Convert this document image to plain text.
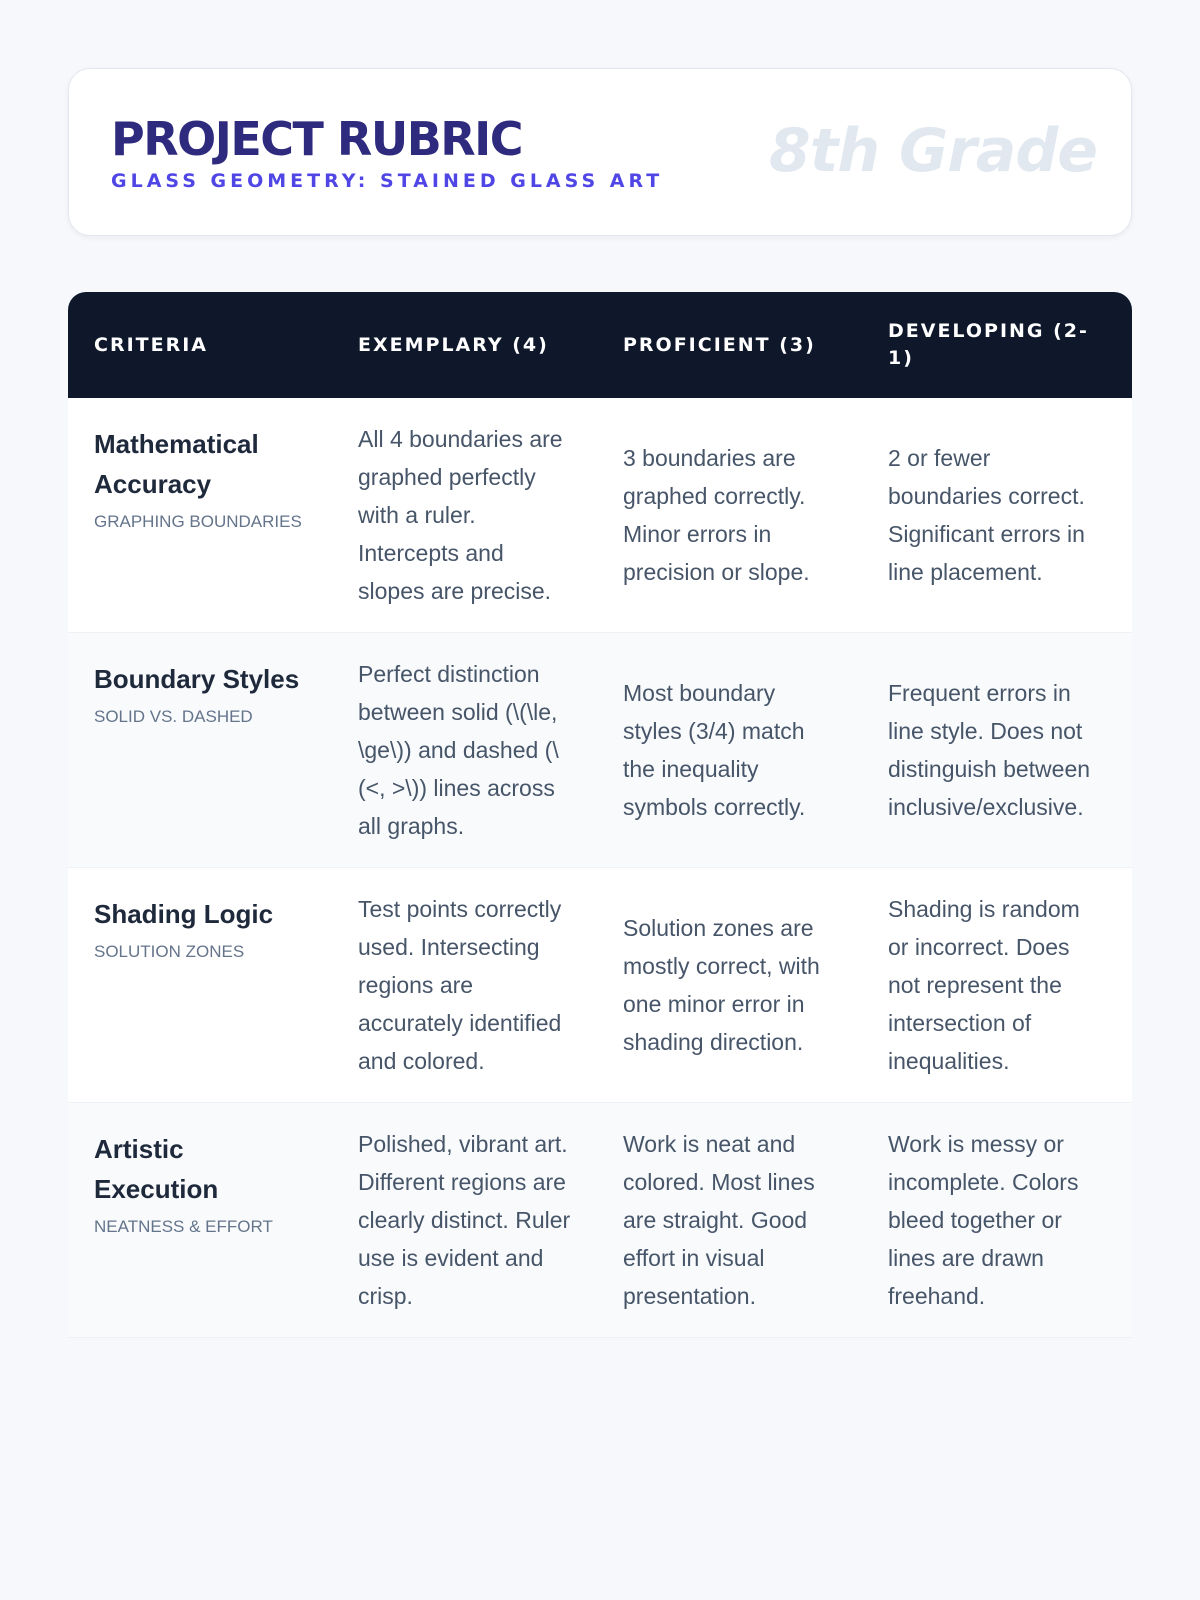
PROJECT RUBRIC
GLASS GEOMETRY: STAINED GLASS ART 8th Grade
CRITERIA	EXEMPLARY (4)	PROFICIENT (3)	DEVELOPING (2-1)

Mathematical Accuracy
GRAPHING BOUNDARIES	All 4 boundaries are graphed perfectly with a ruler. Intercepts and slopes are precise.	3 boundaries are graphed correctly. Minor errors in precision or slope.	2 or fewer boundaries correct. Significant errors in line placement.

Boundary Styles
SOLID VS. DASHED	Perfect distinction between solid (\(\le, \ge\)) and dashed (\(<, >\)) lines across all graphs.	Most boundary styles (3/4) match the inequality symbols correctly.	Frequent errors in line style. Does not distinguish between inclusive/exclusive.

Shading Logic
SOLUTION ZONES	Test points correctly used. Intersecting regions are accurately identified and colored.	Solution zones are mostly correct, with one minor error in shading direction.	Shading is random or incorrect. Does not represent the intersection of inequalities.

Artistic Execution
NEATNESS & EFFORT	Polished, vibrant art. Different regions are clearly distinct. Ruler use is evident and crisp.	Work is neat and colored. Most lines are straight. Good effort in visual presentation.	Work is messy or incomplete. Colors bleed together or lines are drawn freehand.
